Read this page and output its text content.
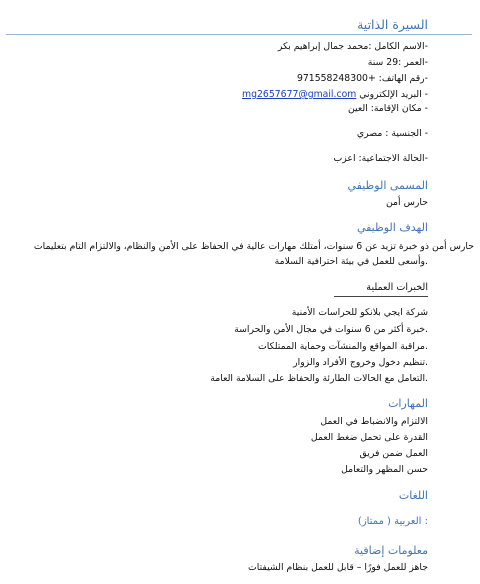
السيرة الذاتية
-الاسم الكامل :محمد جمال إبراهيم بكر
-العمر :29 سنة
-رقم الهاتف: +971558248300
- البريد الإلكتروني mg2657677@gmail.com
- مكان الإقامة: العين
- الجنسية : مصري
-الحالة الاجتماعية: اعزب
المسمى الوظيفي
حارس أمن
الهدف الوظيفي
حارس أمن ذو خبرة تزيد عن 6 سنوات، أمتلك مهارات عالية في الحفاظ على الأمن والنظام، والالتزام التام بتعليمات
.وأسعى للعمل في بيئة احترافية السلامة
الخبرات العملية
شركة ايجي بلانكو للحراسات الأمنية
.خبرة أكثر من 6 سنوات في مجال الأمن والحراسة
.مراقبة المواقع والمنشآت وحماية الممتلكات
.تنظيم دخول وخروج الأفراد والزوار
.التعامل مع الحالات الطارئة والحفاظ على السلامة العامة
المهارات
الالتزام والانضباط في العمل
القدرة على تحمل ضغط العمل
العمل ضمن فريق
حسن المظهر والتعامل
اللغات
: العربية ( ممتاز)
معلومات إضافية
جاهز للعمل فورًا – قابل للعمل بنظام الشيفتات
